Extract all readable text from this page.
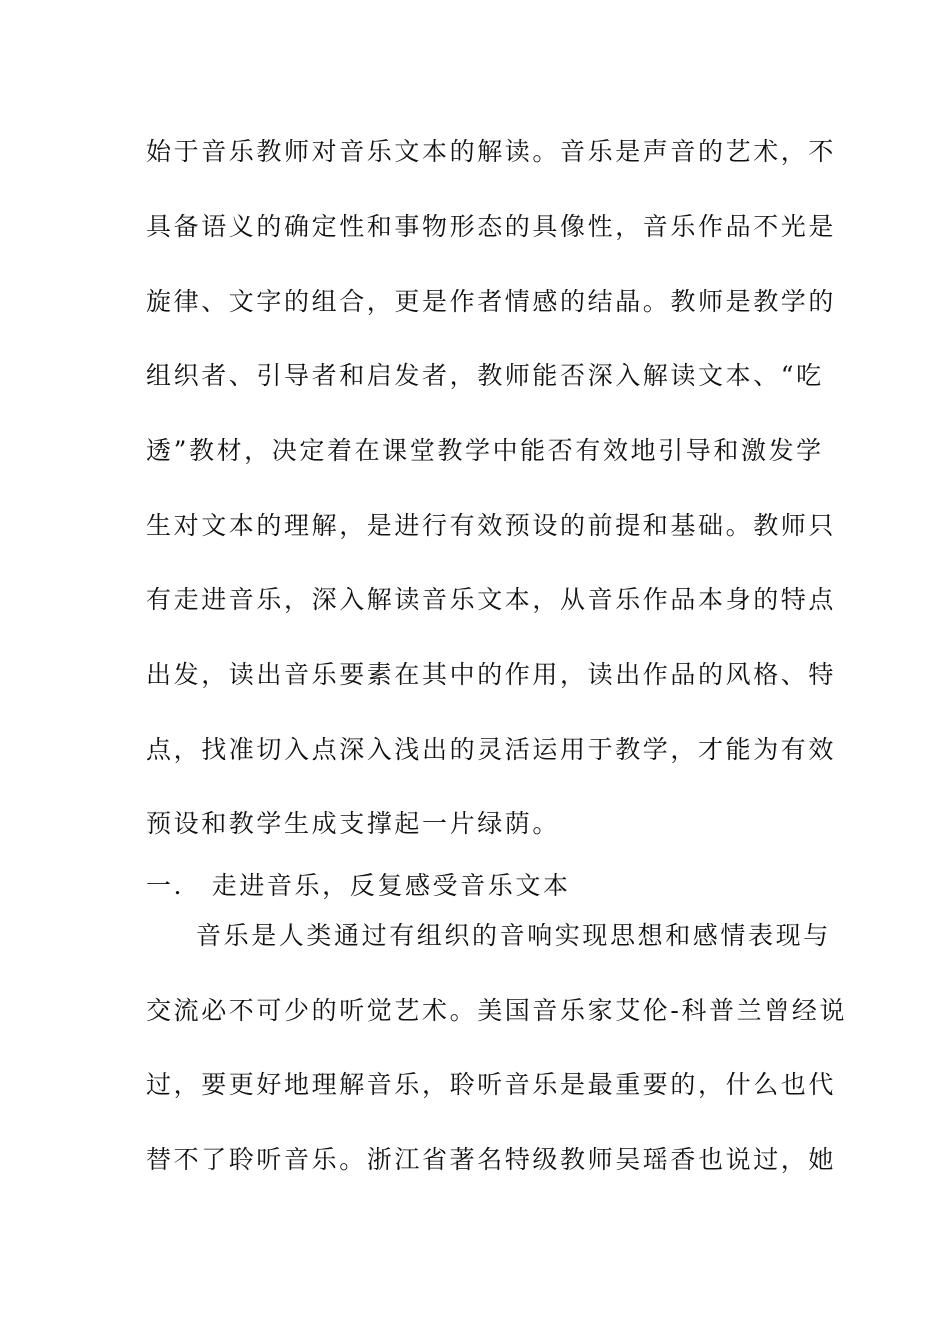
始于音乐教师对音乐文本的解读。音乐是声音的艺术，不
具备语义的确定性和事物形态的具像性，音乐作品不光是
旋律、文字的组合，更是作者情感的结晶。教师是教学的
组织者、引导者和启发者，教师能否深入解读文本、“吃
透”教材，决定着在课堂教学中能否有效地引导和激发学
生对文本的理解，是进行有效预设的前提和基础。教师只
有走进音乐，深入解读音乐文本，从音乐作品本身的特点
出发，读出音乐要素在其中的作用，读出作品的风格、特
点，找准切入点深入浅出的灵活运用于教学，才能为有效
预设和教学生成支撑起一片绿荫。
一． 走进音乐，反复感受音乐文本
音乐是人类通过有组织的音响实现思想和感情表现与
交流必不可少的听觉艺术。美国音乐家艾伦-科普兰曾经说
过，要更好地理解音乐，聆听音乐是最重要的，什么也代
替不了聆听音乐。浙江省著名特级教师吴瑶香也说过，她
